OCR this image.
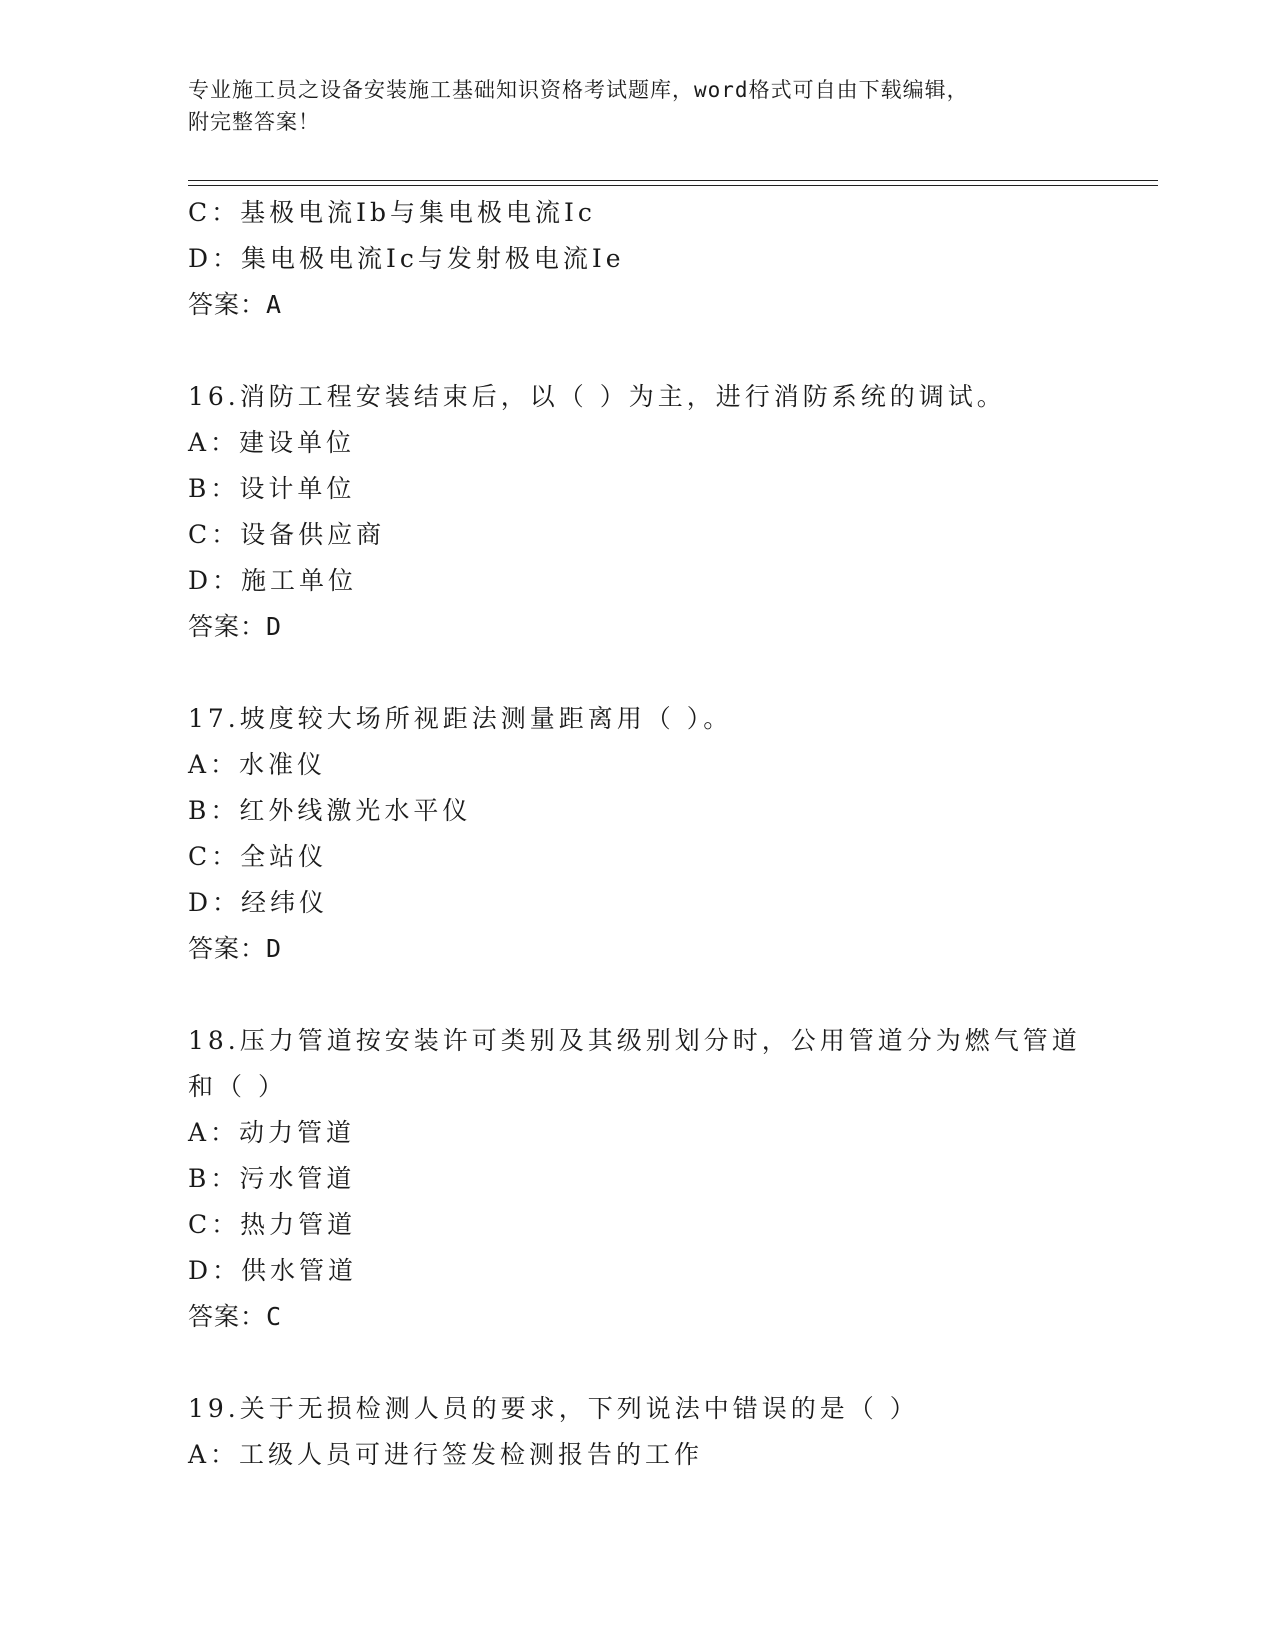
专业施工员之设备安装施工基础知识资格考试题库，word格式可自由下载编辑，
附完整答案！
C：基极电流Ib与集电极电流Ic
D：集电极电流Ic与发射极电流Ie
答案：A
16.消防工程安装结束后，以（ ）为主，进行消防系统的调试。
A：建设单位
B：设计单位
C：设备供应商
D：施工单位
答案：D
17.坡度较大场所视距法测量距离用（ ）。
A：水准仪
B：红外线激光水平仪
C：全站仪
D：经纬仪
答案：D
18.压力管道按安装许可类别及其级别划分时，公用管道分为燃气管道
和（ ）
A：动力管道
B：污水管道
C：热力管道
D：供水管道
答案：C
19.关于无损检测人员的要求，下列说法中错误的是（ ）
A：工级人员可进行签发检测报告的工作
